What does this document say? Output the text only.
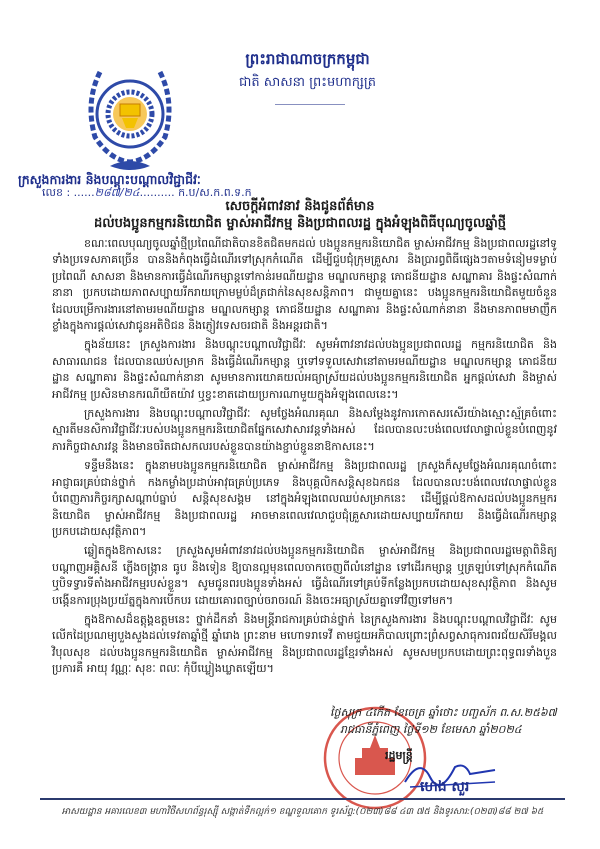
ព្រះរាជាណាចក្រកម្ពុជា
ជាតិ សាសនា ព្រះមហាក្សត្រ
ក្រសួងការងារ និងបណ្តុះបណ្តាលវិជ្ជាជីវៈ
លេខ : ......២៨៧/២៤.......... ក.ប/ស.ក.ព.ទ.ក
សេចក្តីអំពាវនាវ និងជូនព័ត៌មាន
ដល់បងប្អូនកម្មករនិយោជិត ម្ចាស់អាជីវកម្ម និងប្រជាពលរដ្ឋ ក្នុងអំឡុងពិធីបុណ្យចូលឆ្នាំថ្មី

ខណៈពេលបុណ្យចូលឆ្នាំថ្មីប្រពៃណីជាតិបានខិតជិតមកដល់ បងប្អូនកម្មករនិយោជិត ម្ចាស់អាជីវកម្ម និងប្រជាពលរដ្ឋនៅទូទាំងប្រទេសភាគច្រើន បាននិងកំពុងធ្វើដំណើរទៅស្រុកកំណើត ដើម្បីជួបជុំក្រុមគ្រួសារ និងប្រារព្ធពិធីផ្សេងៗតាមទំនៀមទម្លាប់ ប្រពៃណី សាសនា និងមានការធ្វើដំណើរកម្សាន្តទៅកាន់រមណីយដ្ឋាន មណ្ឌលកម្សាន្ត ភោជនីយដ្ឋាន សណ្ឋាគារ និងផ្ទះសំណាក់នានា ប្រកបដោយភាពសប្បាយរីករាយក្រោមម្លប់ដ៏ត្រជាក់នៃសុខសន្តិភាព។ ជាមួយគ្នានេះ បងប្អូនកម្មករនិយោជិតមួយចំនួន ដែលបម្រើការងារនៅតាមរមណីយដ្ឋាន មណ្ឌលកម្សាន្ត ភោជនីយដ្ឋាន សណ្ឋាគារ និងផ្ទះសំណាក់នានា នឹងមានភាពមមាញឹកខ្លាំងក្នុងការផ្តល់សេវាជូនអតិថិជន និងភ្ញៀវទេសចរជាតិ និងអន្តរជាតិ។

ក្នុងន័យនេះ ក្រសួងការងារ និងបណ្តុះបណ្តាលវិជ្ជាជីវៈ សូមអំពាវនាវដល់បងប្អូនប្រជាពលរដ្ឋ កម្មករនិយោជិត និងសាធារណជន ដែលបានឈប់សម្រាក និងធ្វើដំណើរកម្សាន្ត ឬទៅទទួលសេវានៅតាមរមណីយដ្ឋាន មណ្ឌលកម្សាន្ត ភោជនីយដ្ឋាន សណ្ឋាគារ និងផ្ទះសំណាក់នានា សូមមានការយោគយល់អធ្យាស្រ័យដល់បងប្អូនកម្មករនិយោជិត អ្នកផ្តល់សេវា និងម្ចាស់អាជីវកម្ម ប្រសិនមានករណីយឺតយ៉ាវ ឬខ្វះខាតដោយប្រការណាមួយក្នុងអំឡុងពេលនេះ។

ក្រសួងការងារ និងបណ្តុះបណ្តាលវិជ្ជាជីវៈ សូមថ្លែងអំណរគុណ និងសម្តែងនូវការកោតសរសើរយ៉ាងស្មោះស្ម័គ្រចំពោះស្មារតីមនសិការវិជ្ជាជីវៈរបស់បងប្អូនកម្មករនិយោជិតផ្នែកសេវាសារវន្តទាំងអស់ ដែលបានលះបង់ពេលវេលាផ្ទាល់ខ្លួនបំពេញនូវភារកិច្ចជាសារវន្ត និងមានចរិតជាសកលរបស់ខ្លួនបានយ៉ាងខ្ជាប់ខ្ជួននាឱកាសនេះ។

ទន្ទឹមនឹងនេះ ក្នុងនាមបងប្អូនកម្មករនិយោជិត ម្ចាស់អាជីវកម្ម និងប្រជាពលរដ្ឋ ក្រសួងក៏សូមថ្លែងអំណរគុណចំពោះអាជ្ញាធរគ្រប់ជាន់ថ្នាក់ កងកម្លាំងប្រដាប់អាវុធគ្រប់ប្រភេទ និងបុគ្គលិកសន្តិសុខឯកជន ដែលបានលះបង់ពេលវេលាផ្ទាល់ខ្លួន បំពេញភារកិច្ចរក្សាសណ្តាប់ធ្នាប់ សន្តិសុខសង្គម នៅក្នុងអំឡុងពេលឈប់សម្រាកនេះ ដើម្បីផ្តល់ឱកាសដល់បងប្អូនកម្មករនិយោជិត ម្ចាស់អាជីវកម្ម និងប្រជាពលរដ្ឋ អាចមានពេលវេលាជួបជុំគ្រួសារដោយសប្បាយរីករាយ និងធ្វើដំណើរកម្សាន្តប្រកបដោយសុវត្ថិភាព។

ឆ្លៀតក្នុងឱកាសនេះ ក្រសួងសូមអំពាវនាវដល់បងប្អូនកម្មករនិយោជិត ម្ចាស់អាជីវកម្ម និងប្រជាពលរដ្ឋមេត្តាពិនិត្យបណ្តាញអគ្គិសនី ភ្លើងចង្ក្រាន ធូប និងទៀន ឱ្យបានល្អមុនពេលចាកចេញពីលំនៅដ្ឋាន ទៅដើរកម្សាន្ត ឬត្រឡប់ទៅស្រុកកំណើត ឬបិទទ្វារទីតាំងអាជីវកម្មរបស់ខ្លួន។ សូមជូនពរបងប្អូនទាំងអស់ ធ្វើដំណើរទៅគ្រប់ទីកន្លែងប្រកបដោយសុខសុវត្ថិភាព និងសូមបង្កើនការប្រុងប្រយ័ត្នក្នុងការបើកបរ ដោយគោរពច្បាប់ចរាចរណ៍ និងចេះអធ្យាស្រ័យគ្នាទៅវិញទៅមក។

ក្នុងឱកាសដ៏ឧត្តុង្គឧត្តមនេះ ថ្នាក់ដឹកនាំ និងមន្ត្រីរាជការគ្រប់ជាន់ថ្នាក់ នៃក្រសួងការងារ និងបណ្តុះបណ្តាលវិជ្ជាជីវៈ សូមលើកដៃប្រណម្យបួងសួងដល់ទេវតាឆ្នាំថ្មី ឆ្នាំរោង ព្រះនាម មហោទរាទេវី តាមជួយអភិបាលព្រោះព្រំសព្វសាធុការពរជ័យសិរីមង្គល វិបុលសុខ ដល់បងប្អូនកម្មករនិយោជិត ម្ចាស់អាជីវកម្ម និងប្រជាពលរដ្ឋខ្មែរទាំងអស់ សូមសមប្រកបដោយព្រះពុទ្ធពរទាំងបួនប្រការគឺ អាយុ វណ្ណៈ សុខៈ ពលៈ កុំបីឃ្លៀងឃ្លាតឡើយ។

ថ្ងៃសុក្រ ៤កើត ខែចេត្រ ឆ្នាំថោះ បញ្ចស័ក ព.ស.២៥៦៧
រាជធានីភ្នំពេញ ថ្ងៃទី១២ ខែមេសា ឆ្នាំ២០២៤
រដ្ឋមន្ត្រី
ហេង សួរ
អាសយដ្ឋាន អគារលេខ៣ មហាវិថីសហព័ន្ធរុស្ស៊ី សង្កាត់ទឹកល្អក់១ ខណ្ឌទួលគោក ទូរស័ព្ទ:(០២៣)៨៨ ៤៣ ៧៥ និងទូរសារ:(០២៣)៨៨ ២៧ ៦៥
